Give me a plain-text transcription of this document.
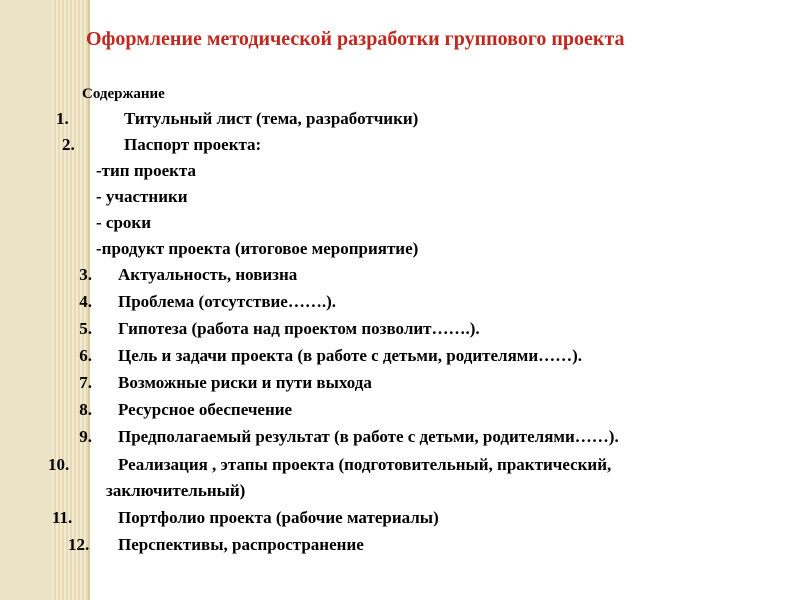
Оформление методической разработки группового проекта
Содержание
1.	Титульный лист (тема, разработчики)
2.	Паспорт проекта:
-тип проекта
- участники
- сроки
-продукт проекта (итоговое мероприятие)
3. Актуальность, новизна
4. Проблема (отсутствие…….).
5. Гипотеза (работа над проектом позволит…….).
6. Цель и задачи проекта (в работе с детьми, родителями……).
7. Возможные риски и пути выхода
8. Ресурсное обеспечение
9. Предполагаемый результат (в работе с детьми, родителями……).
10.	Реализация , этапы проекта (подготовительный, практический,
заключительный)
11.	Портфолио проекта (рабочие материалы)
12.	Перспективы, распространение
